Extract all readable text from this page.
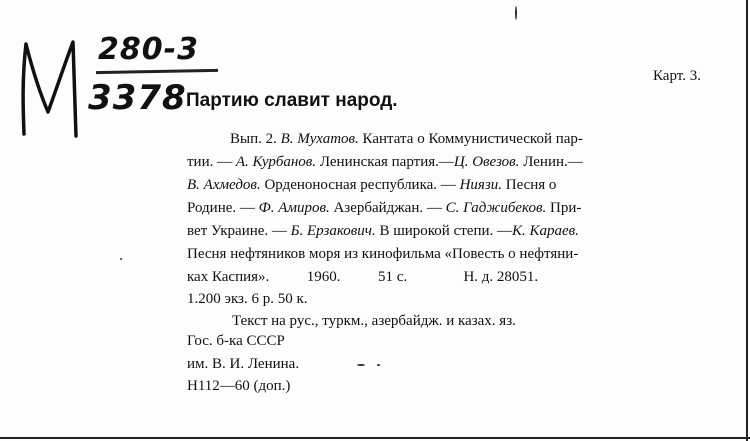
280-3
3378
Карт. 3.
Партию славит народ.
Вып. 2. В. Мухатов. Кантата о Коммунистической пар-
тии. — А. Курбанов. Ленинская партия.—Ц. Овезов. Ленин.—
В. Ахмедов. Орденоносная республика. — Ниязи. Песня о
Родине. — Ф. Амиров. Азербайджан. — С. Гаджибеков. При-
вет Украине. — Б. Ерзакович. В широкой степи. —К. Караев.
Песня нефтяников моря из кинофильма «Повесть о нефтяни-
ках Каспия».          1960.          51 с.               Н. д. 28051.
1.200 экз. 6 р. 50 к.
Текст на рус., туркм., азербайдж. и казах. яз.
Гос. б-ка СССР
им. В. И. Ленина.
Н112—60 (доп.)
